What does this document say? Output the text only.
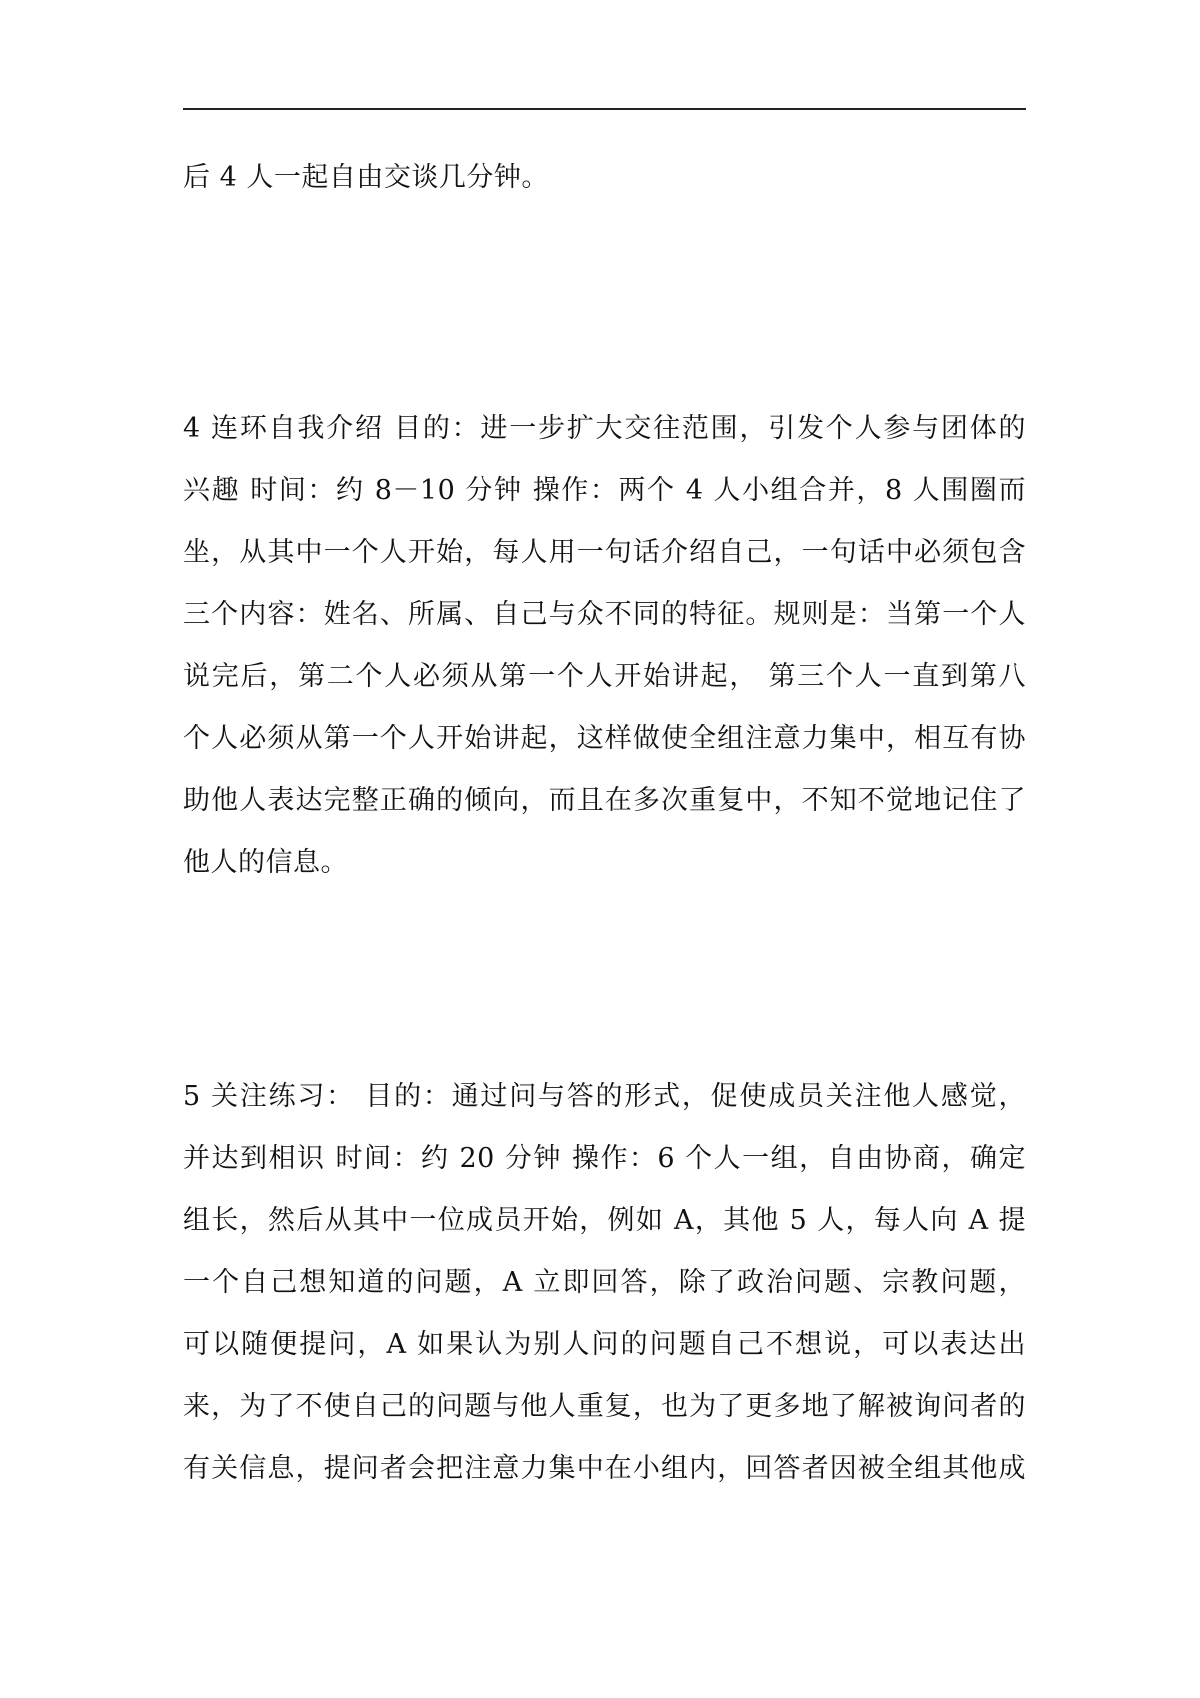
后 4 人一起自由交谈几分钟。
4 连环自我介绍 目的：进一步扩大交往范围，引发个人参与团体的
兴趣 时间：约 8－10 分钟 操作：两个 4 人小组合并，8 人围圈而
坐，从其中一个人开始，每人用一句话介绍自己，一句话中必须包含
三个内容：姓名、所属、自己与众不同的特征。规则是：当第一个人
说完后，第二个人必须从第一个人开始讲起， 第三个人一直到第八
个人必须从第一个人开始讲起，这样做使全组注意力集中，相互有协
助他人表达完整正确的倾向，而且在多次重复中，不知不觉地记住了
他人的信息。
5 关注练习： 目的：通过问与答的形式，促使成员关注他人感觉，
并达到相识 时间：约 20 分钟 操作：6 个人一组，自由协商，确定
组长，然后从其中一位成员开始，例如 A，其他 5 人，每人向 A 提
一个自己想知道的问题，A 立即回答，除了政治问题、宗教问题，
可以随便提问，A 如果认为别人问的问题自己不想说，可以表达出
来，为了不使自己的问题与他人重复，也为了更多地了解被询问者的
有关信息，提问者会把注意力集中在小组内，回答者因被全组其他成
